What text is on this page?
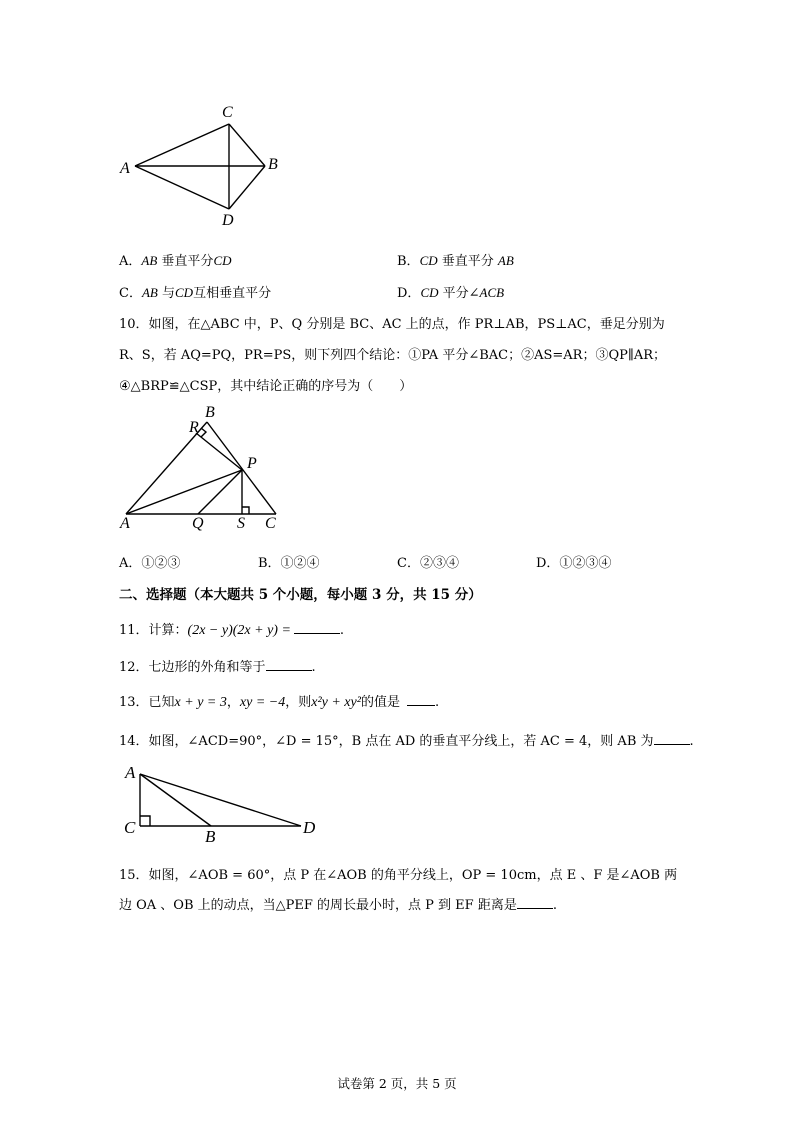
C
A	B
D
A．AB 垂直平分CD	B．CD 垂直平分 AB
C．AB 与CD互相垂直平分	D．CD 平分∠ACB
10．如图，在△ABC 中，P、Q 分别是 BC、AC 上的点，作 PR⊥AB，PS⊥AC，垂足分别为
R、S，若 AQ=PQ，PR=PS，则下列四个结论：①PA 平分∠BAC；②AS=AR；③QP∥AR；
④△BRP≌△CSP，其中结论正确的序号为（　　）
B
R
P
A	Q S C
A．①②③	B．①②④	C．②③④	D．①②③④
二、选择题（本大题共 5 个小题，每小题 3 分，共 15 分）
11．计算：(2x − y)(2x + y) =	.
12．七边形的外角和等于	.
13．已知x + y = 3，xy = −4，则x²y + xy²的值是	.
14．如图，∠ACD=90°，∠D = 15°，B 点在 AD 的垂直平分线上，若 AC = 4，则 AB 为	.
A
C	B	D
15．如图，∠AOB = 60°，点 P 在∠AOB 的角平分线上，OP = 10cm，点 E 、F 是∠AOB 两
边 OA 、OB 上的动点，当△PEF 的周长最小时，点 P 到 EF 距离是	.
试卷第 2 页，共 5 页
